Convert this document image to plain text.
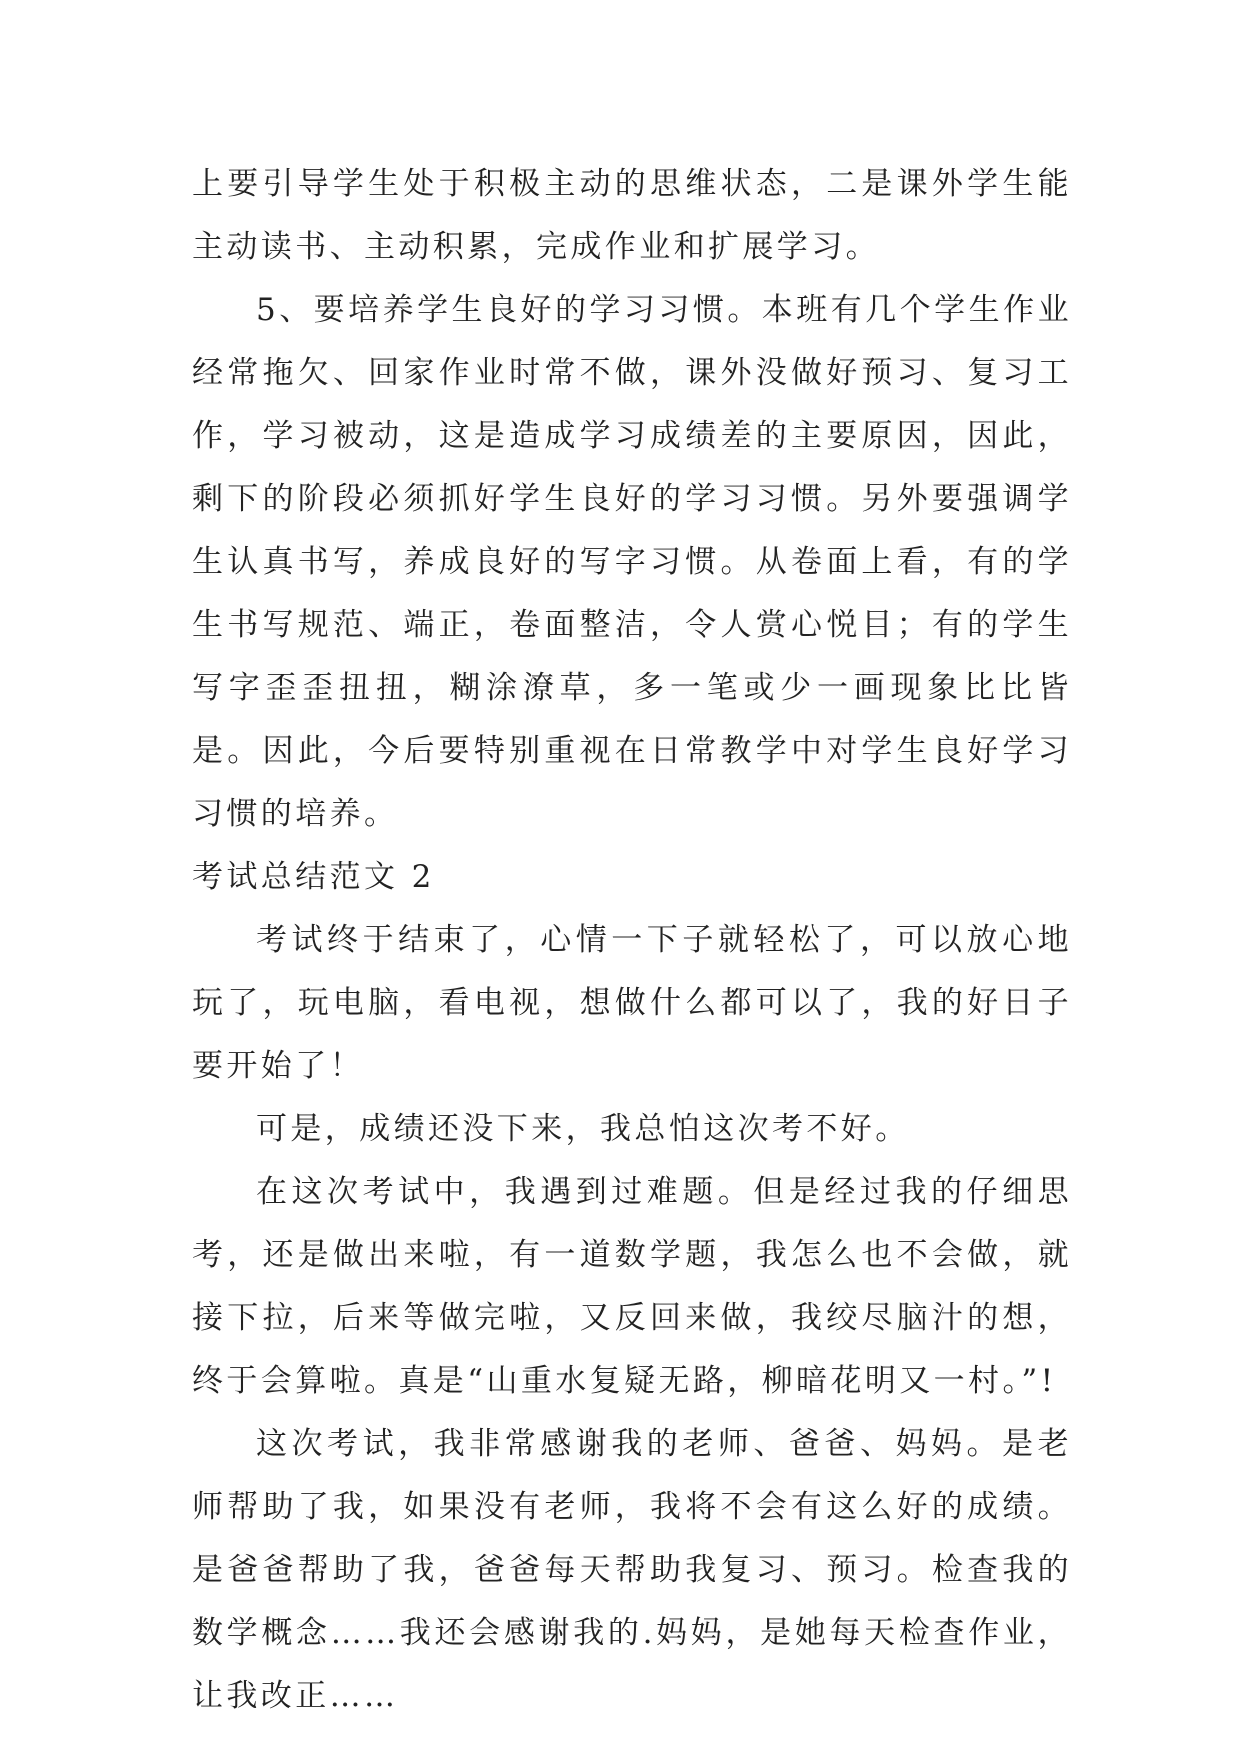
上要引导学生处于积极主动的思维状态，二是课外学生能主动读书、主动积累，完成作业和扩展学习。

5、要培养学生良好的学习习惯。本班有几个学生作业经常拖欠、回家作业时常不做，课外没做好预习、复习工作，学习被动，这是造成学习成绩差的主要原因，因此，剩下的阶段必须抓好学生良好的学习习惯。另外要强调学生认真书写，养成良好的写字习惯。从卷面上看，有的学生书写规范、端正，卷面整洁，令人赏心悦目；有的学生写字歪歪扭扭，糊涂潦草，多一笔或少一画现象比比皆是。因此，今后要特别重视在日常教学中对学生良好学习习惯的培养。

考试总结范文 2

考试终于结束了，心情一下子就轻松了，可以放心地玩了，玩电脑，看电视，想做什么都可以了，我的好日子要开始了！

可是，成绩还没下来，我总怕这次考不好。

在这次考试中，我遇到过难题。但是经过我的仔细思考，还是做出来啦，有一道数学题，我怎么也不会做，就接下拉，后来等做完啦，又反回来做，我绞尽脑汁的想，终于会算啦。真是“山重水复疑无路，柳暗花明又一村。”!

这次考试，我非常感谢我的老师、爸爸、妈妈。是老师帮助了我，如果没有老师，我将不会有这么好的成绩。是爸爸帮助了我，爸爸每天帮助我复习、预习。检查我的数学概念……我还会感谢我的.妈妈，是她每天检查作业，让我改正……
